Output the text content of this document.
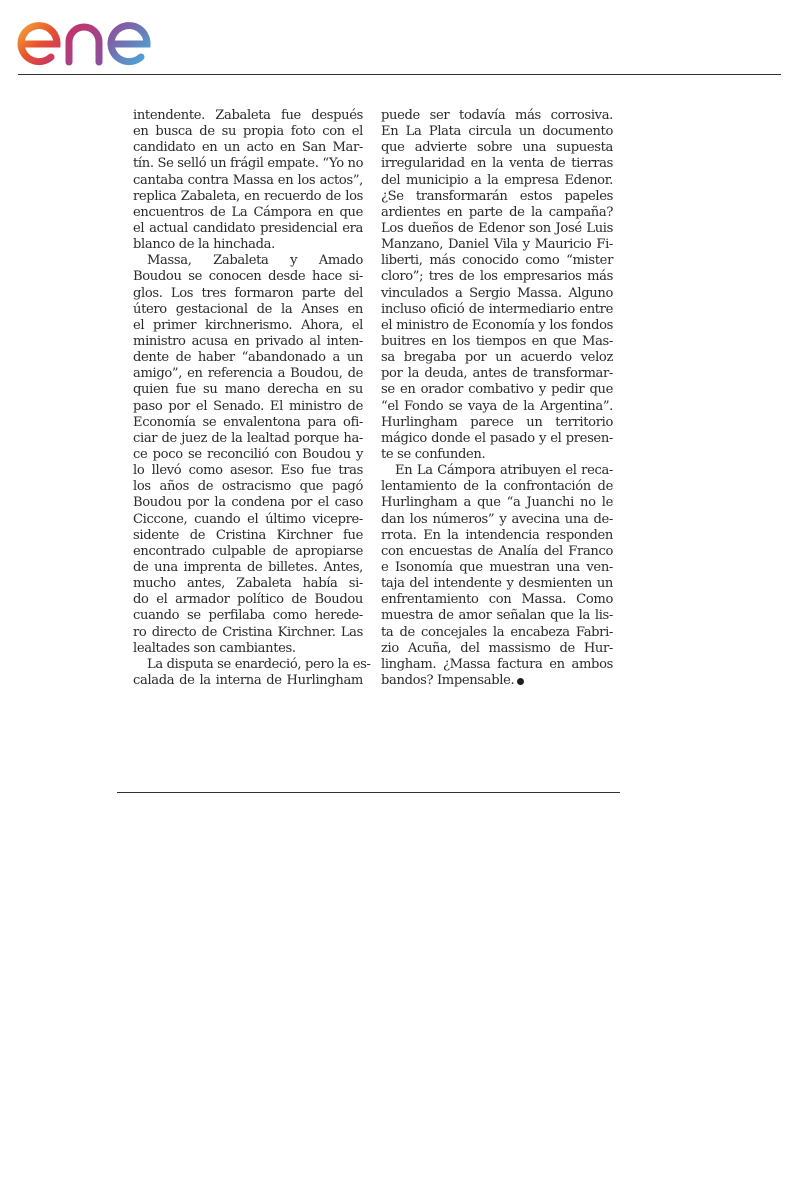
intendente. Zabaleta fue después
en busca de su propia foto con el
candidato en un acto en San Mar-
tín. Se selló un frágil empate. “Yo no
cantaba contra Massa en los actos”,
replica Zabaleta, en recuerdo de los
encuentros de La Cámpora en que
el actual candidato presidencial era
blanco de la hinchada.
Massa, Zabaleta y Amado
Boudou se conocen desde hace si-
glos. Los tres formaron parte del
útero gestacional de la Anses en
el primer kirchnerismo. Ahora, el
ministro acusa en privado al inten-
dente de haber “abandonado a un
amigo”, en referencia a Boudou, de
quien fue su mano derecha en su
paso por el Senado. El ministro de
Economía se envalentona para ofi-
ciar de juez de la lealtad porque ha-
ce poco se reconcilió con Boudou y
lo llevó como asesor. Eso fue tras
los años de ostracismo que pagó
Boudou por la condena por el caso
Ciccone, cuando el último vicepre-
sidente de Cristina Kirchner fue
encontrado culpable de apropiarse
de una imprenta de billetes. Antes,
mucho antes, Zabaleta había si-
do el armador político de Boudou
cuando se perfilaba como herede-
ro directo de Cristina Kirchner. Las
lealtades son cambiantes.
La disputa se enardeció, pero la es-
calada de la interna de Hurlingham
puede ser todavía más corrosiva.
En La Plata circula un documento
que advierte sobre una supuesta
irregularidad en la venta de tierras
del municipio a la empresa Edenor.
¿Se transformarán estos papeles
ardientes en parte de la campaña?
Los dueños de Edenor son José Luis
Manzano, Daniel Vila y Mauricio Fi-
liberti, más conocido como “mister
cloro”; tres de los empresarios más
vinculados a Sergio Massa. Alguno
incluso ofició de intermediario entre
el ministro de Economía y los fondos
buitres en los tiempos en que Mas-
sa bregaba por un acuerdo veloz
por la deuda, antes de transformar-
se en orador combativo y pedir que
“el Fondo se vaya de la Argentina”.
Hurlingham parece un territorio
mágico donde el pasado y el presen-
te se confunden.
En La Cámpora atribuyen el reca-
lentamiento de la confrontación de
Hurlingham a que “a Juanchi no le
dan los números” y avecina una de-
rrota. En la intendencia responden
con encuestas de Analía del Franco
e Isonomía que muestran una ven-
taja del intendente y desmienten un
enfrentamiento con Massa. Como
muestra de amor señalan que la lis-
ta de concejales la encabeza Fabri-
zio Acuña, del massismo de Hur-
lingham. ¿Massa factura en ambos
bandos? Impensable.
